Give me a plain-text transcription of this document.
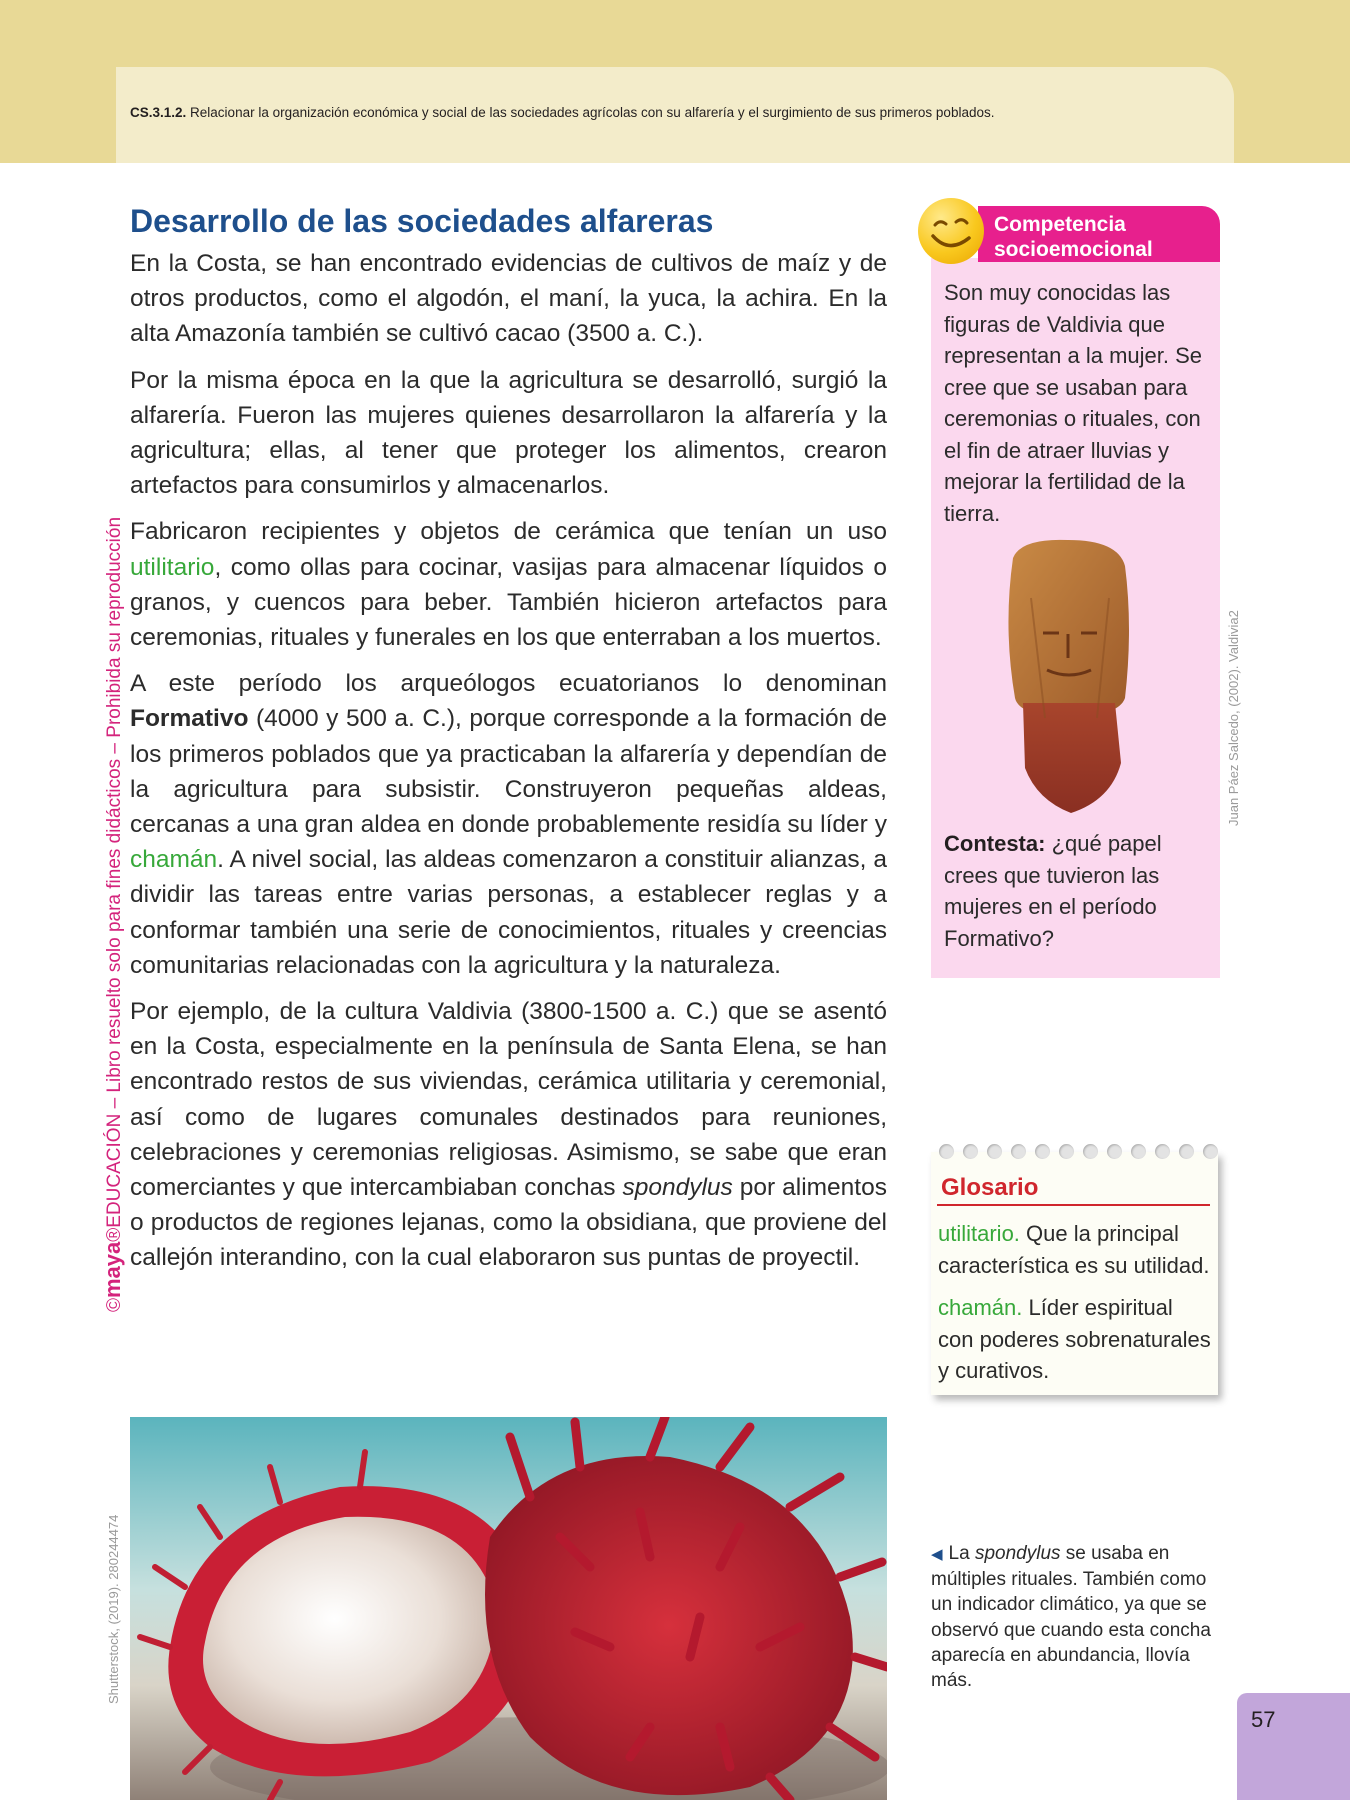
CS.3.1.2. Relacionar la organización económica y social de las sociedades agrícolas con su alfarería y el surgimiento de sus primeros poblados.
©maya®EDUCACIÓN – Libro resuelto solo para fines didácticos – Prohibida su reproducción	Juan Páez Salcedo, (2002). Valdivia2
Shutterstock, (2019). 280244474
Desarrollo de las sociedades alfareras

En la Costa, se han encontrado evidencias de cultivos de maíz y de otros productos, como el algodón, el maní, la yuca, la achira. En la alta Amazonía también se cultivó cacao (3500 a. C.).

Por la misma época en la que la agricultura se desarrolló, surgió la alfarería. Fueron las mujeres quienes desarrollaron la alfarería y la agricultura; ellas, al tener que proteger los alimentos, crearon artefactos para consumirlos y almacenarlos.

Fabricaron recipientes y objetos de cerámica que tenían un uso utilitario, como ollas para cocinar, vasijas para almacenar líquidos o granos, y cuencos para beber. También hicieron artefactos para ceremonias, rituales y funerales en los que enterraban a los muertos.

A este período los arqueólogos ecuatorianos lo denominan Formativo (4000 y 500 a. C.), porque corresponde a la formación de los primeros poblados que ya practicaban la alfarería y dependían de la agricultura para subsistir. Construyeron pequeñas aldeas, cercanas a una gran aldea en donde probablemente residía su líder y chamán. A nivel social, las aldeas comenzaron a constituir alianzas, a dividir las tareas entre varias personas, a establecer reglas y a conformar también una serie de conocimientos, rituales y creencias comunitarias relacionadas con la agricultura y la naturaleza.

Por ejemplo, de la cultura Valdivia (3800-1500 a. C.) que se asentó en la Costa, especialmente en la península de Santa Elena, se han encontrado restos de sus viviendas, cerámica utilitaria y ceremonial, así como de lugares comunales destinados para reuniones, celebraciones y ceremonias religiosas. Asimismo, se sabe que eran comerciantes y que intercambiaban conchas spondylus por alimentos o productos de regiones lejanas, como la obsidiana, que proviene del callejón interandino, con la cual elaboraron sus puntas de proyectil.

Competencia
socioemocional
Son muy conocidas las figuras de Valdivia que representan a la mujer. Se cree que se usaban para ceremonias o rituales, con el fin de atraer lluvias y mejorar la fertilidad de la tierra.
Contesta: ¿qué papel crees que tuvieron las mujeres en el período Formativo?
Glosario
utilitario. Que la principal característica es su utilidad.
chamán. Líder espiritual con poderes sobrenaturales y curativos.
◀ La spondylus se usaba en múltiples rituales. También como un indicador climático, ya que se observó que cuando esta concha aparecía en abundancia, llovía más.
57
